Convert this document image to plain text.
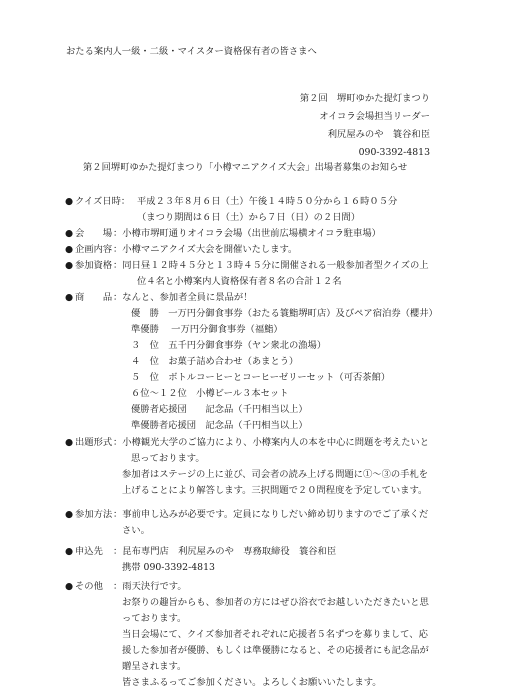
おたる案内人一級・二級・マイスター資格保有者の皆さまへ
第２回　堺町ゆかた提灯まつり
オイコラ会場担当リーダー
利尻屋みのや　簑谷和臣
090-3392-4813
第２回堺町ゆかた提灯まつり「小樽マニアクイズ大会」出場者募集のお知らせ
● クイズ日時： 平成２３年８月６日（土）午後１４時５０分から１６時０５分
（まつり期間は６日（土）から７日（日）の２日間）
● 会　　場 ：小樽市堺町通りオイコラ会場（出世前広場横オイコラ駐車場）
● 企画内容 ：小樽マニアクイズ大会を開催いたします。
● 参加資格 ：同日昼１２時４５分と１３時４５分に開催される一般参加者型クイズの上
位４名と小樽案内人資格保有者８名の合計１２名
● 商　　品 ：なんと、参加者全員に景品が！
優　勝　一万円分御食事券（おたる簑鮨堺町店）及びペア宿泊券（櫻井）
準優勝　 一万円分御食事券（福鮨）
３　位　五千円分御食事券（ヤン衆北の漁場）
４　位　お菓子詰め合わせ（あまとう）
５　位　ボトルコーヒーとコーヒーゼリーセット（可否茶館）
６位～１２位　小樽ビール３本セット
優勝者応援団　　記念品（千円相当以上）
準優勝者応援団　記念品（千円相当以上）
● 出題形式 ：小樽観光大学のご協力により、小樽案内人の本を中心に問題を考えたいと
思っております。
参加者はステージの上に並び、司会者の読み上げる問題に①～③の手札を
上げることにより解答します。三択問題で２０問程度を予定しています。
● 参加方法 ：事前申し込みが必要です。定員になりしだい締め切りますのでご了承くだ
さい。
● 申込先 ：昆布専門店　利尻屋みのや　専務取締役　簑谷和臣
携帯 090-3392-4813
● その他 ：雨天決行です。
お祭りの趣旨からも、参加者の方にはぜひ浴衣でお越しいただきたいと思
っております。
当日会場にて、クイズ参加者それぞれに応援者５名ずつを募りまして、応
援した参加者が優勝、もしくは準優勝になると、その応援者にも記念品が
贈呈されます。
皆さまふるってご参加ください。よろしくお願いいたします。
